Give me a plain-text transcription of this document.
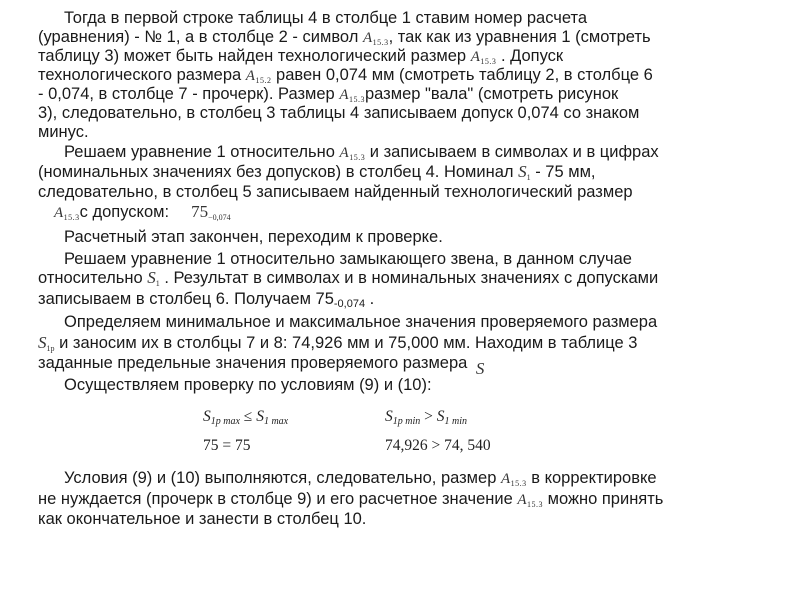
Тогда в первой строке таблицы 4 в столбце 1 ставим номер расчета
(уравнения) - № 1, а в столбце 2 - символ $A_{15.3}$, так как из уравнения 1 (смотреть
таблицу 3) может быть найден технологический размер $A_{15.3}$ . Допуск
технологического размера $A_{15.2}$ равен 0,074 мм (смотреть таблицу 2, в столбце 6
- 0,074, в столбце 7 - прочерк). Размер $A_{15.3}размер$ "вала" (смотреть рисунок
3), следовательно, в столбец 3 таблицы 4 записываем допуск 0,074 со знаком
минус.
Решаем уравнение 1 относительно $A_{15.3}$ и записываем в символах и в цифрах
(номинальных значениях без допусков) в столбец 4. Номинал $S_1 - 75$ мм,
следовательно, в столбец 5 записываем найденный технологический размер
$A_{15.3}с$ допуском: 75−0,074
Расчетный этап закончен, переходим к проверке.
Решаем уравнение 1 относительно замыкающего звена, в данном случае
относительно $S_1$ . Результат в символах и в номинальных значениях с допусками
записываем в столбец 6. Получаем 75-0,074 .
Определяем минимальное и максимальное значения проверяемого размера
$S_{1p}$ и заносим их в столбцы 7 и 8: 74,926 мм и 75,000 мм. Находим в таблице 3
заданные предельные значения проверяемого размера S
Осуществляем проверку по условиям (9) и (10):
S1p max ≤ S1 max	S1p min > S1 min
75 = 75	74,926 > 74, 540
Условия (9) и (10) выполняются, следовательно, размер $A_{15.3}$ в корректировке
не нуждается (прочерк в столбце 9) и его расчетное значение $A_{15.3}$ можно принять
как окончательное и занести в столбец 10.
